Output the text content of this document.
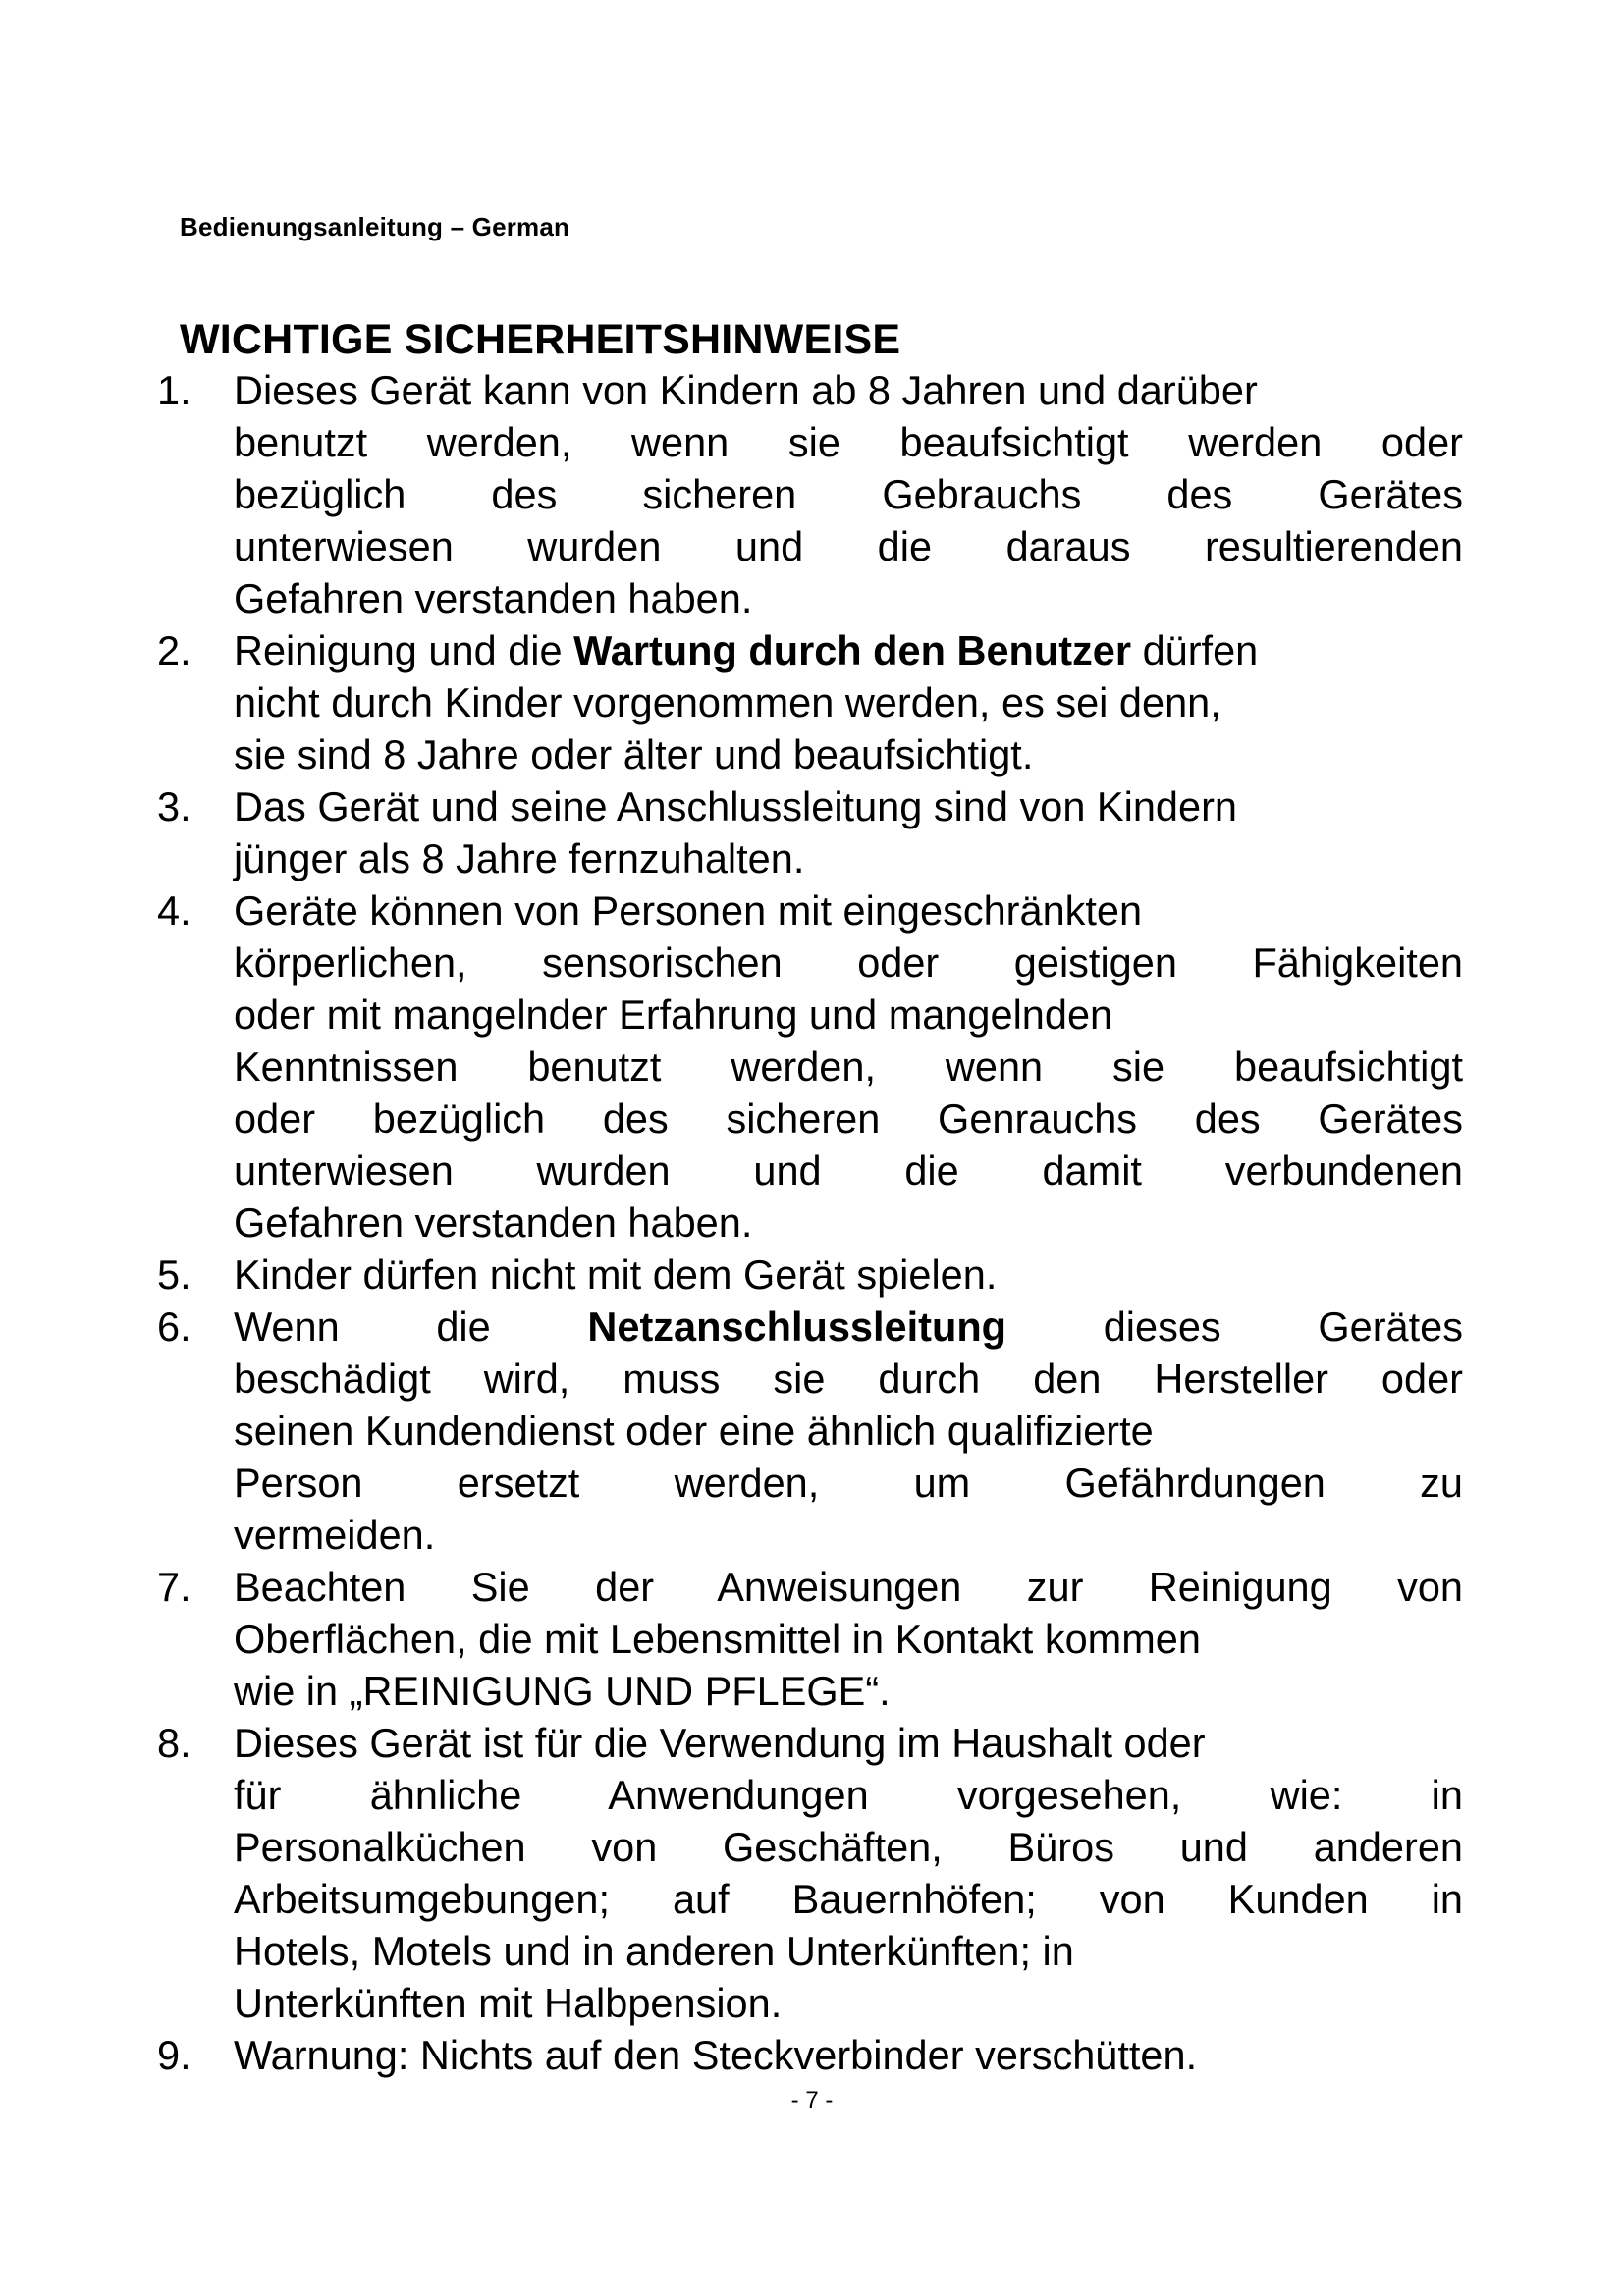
Bedienungsanleitung – German
WICHTIGE SICHERHEITSHINWEISE
1.	Dieses Gerät kann von Kindern ab 8 Jahren und darüber
benutzt werden, wenn sie beaufsichtigt werden oder
bezüglich des sicheren Gebrauchs des Gerätes
unterwiesen wurden und die daraus resultierenden
Gefahren verstanden haben.
2.	Reinigung und die Wartung durch den Benutzer dürfen
nicht durch Kinder vorgenommen werden, es sei denn,
sie sind 8 Jahre oder älter und beaufsichtigt.
3.	Das Gerät und seine Anschlussleitung sind von Kindern
jünger als 8 Jahre fernzuhalten.
4.	Geräte können von Personen mit eingeschränkten
körperlichen, sensorischen oder geistigen Fähigkeiten
oder mit mangelnder Erfahrung und mangelnden
Kenntnissen benutzt werden, wenn sie beaufsichtigt
oder bezüglich des sicheren Genrauchs des Gerätes
unterwiesen wurden und die damit verbundenen
Gefahren verstanden haben.
5.	Kinder dürfen nicht mit dem Gerät spielen.
6.	Wenn die Netzanschlussleitung dieses Gerätes
beschädigt wird, muss sie durch den Hersteller oder
seinen Kundendienst oder eine ähnlich qualifizierte
Person ersetzt werden, um Gefährdungen zu
vermeiden.
7.	Beachten Sie der Anweisungen zur Reinigung von
Oberflächen, die mit Lebensmittel in Kontakt kommen
wie in „REINIGUNG UND PFLEGE“.
8.	Dieses Gerät ist für die Verwendung im Haushalt oder
für ähnliche Anwendungen vorgesehen, wie: in
Personalküchen von Geschäften, Büros und anderen
Arbeitsumgebungen; auf Bauernhöfen; von Kunden in
Hotels, Motels und in anderen Unterkünften; in
Unterkünften mit Halbpension.
9.	Warnung: Nichts auf den Steckverbinder verschütten.
- 7 -
